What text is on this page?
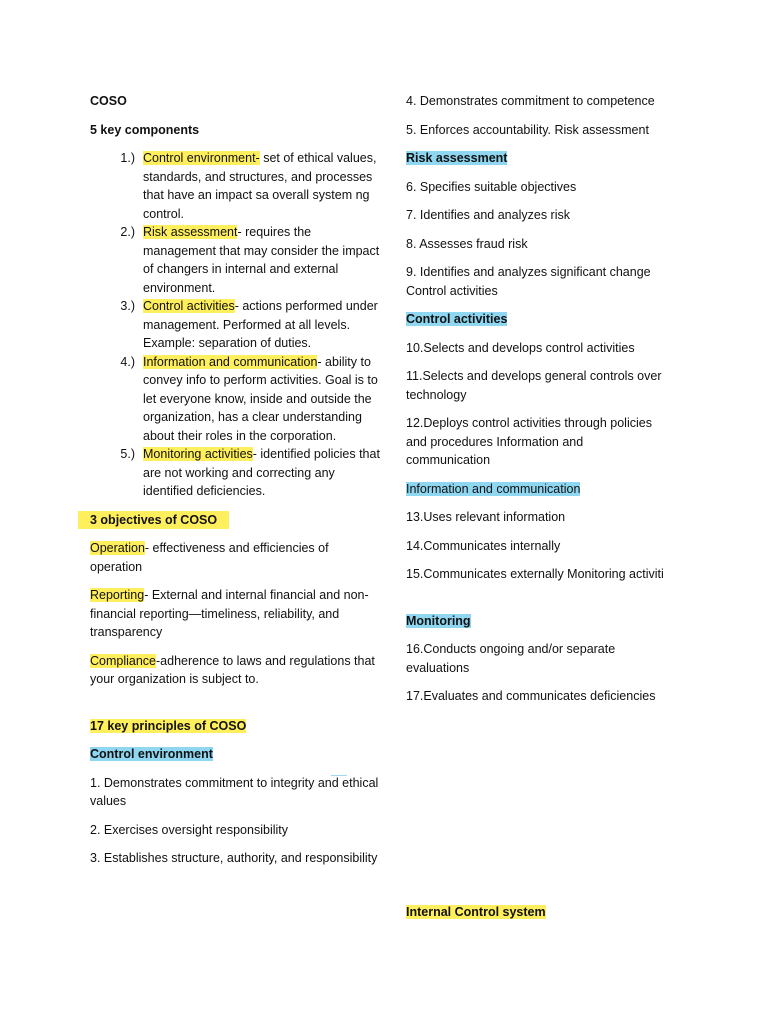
COSO

5 key components

1.) Control environment- set of ethical values, standards, and structures, and processes that have an impact sa overall system ng control.
2.) Risk assessment- requires the management that may consider the impact of changers in internal and external environment.
3.) Control activities- actions performed under management. Performed at all levels. Example: separation of duties.
4.) Information and communication- ability to convey info to perform activities. Goal is to let everyone know, inside and outside the organization, has a clear understanding about their roles in the corporation.
5.) Monitoring activities- identified policies that are not working and correcting any identified deficiencies.

3 objectives of COSO

Operation- effectiveness and efficiencies of operation

Reporting- External and internal financial and non-financial reporting—timeliness, reliability, and transparency

Compliance-adherence to laws and regulations that your organization is subject to.

17 key principles of COSO

Control environment

1. Demonstrates commitment to integrity and ethical values

2. Exercises oversight responsibility

3. Establishes structure, authority, and responsibility

4. Demonstrates commitment to competence

5. Enforces accountability. Risk assessment

Risk assessment

6. Specifies suitable objectives

7. Identifies and analyzes risk

8. Assesses fraud risk

9. Identifies and analyzes significant change Control activities

Control activities

10.Selects and develops control activities

11.Selects and develops general controls over technology

12.Deploys control activities through policies and procedures Information and communication

Information and communication

13.Uses relevant information

14.Communicates internally

15.Communicates externally Monitoring activiti

Monitoring

16.Conducts ongoing and/or separate evaluations

17.Evaluates and communicates deficiencies

Internal Control system
